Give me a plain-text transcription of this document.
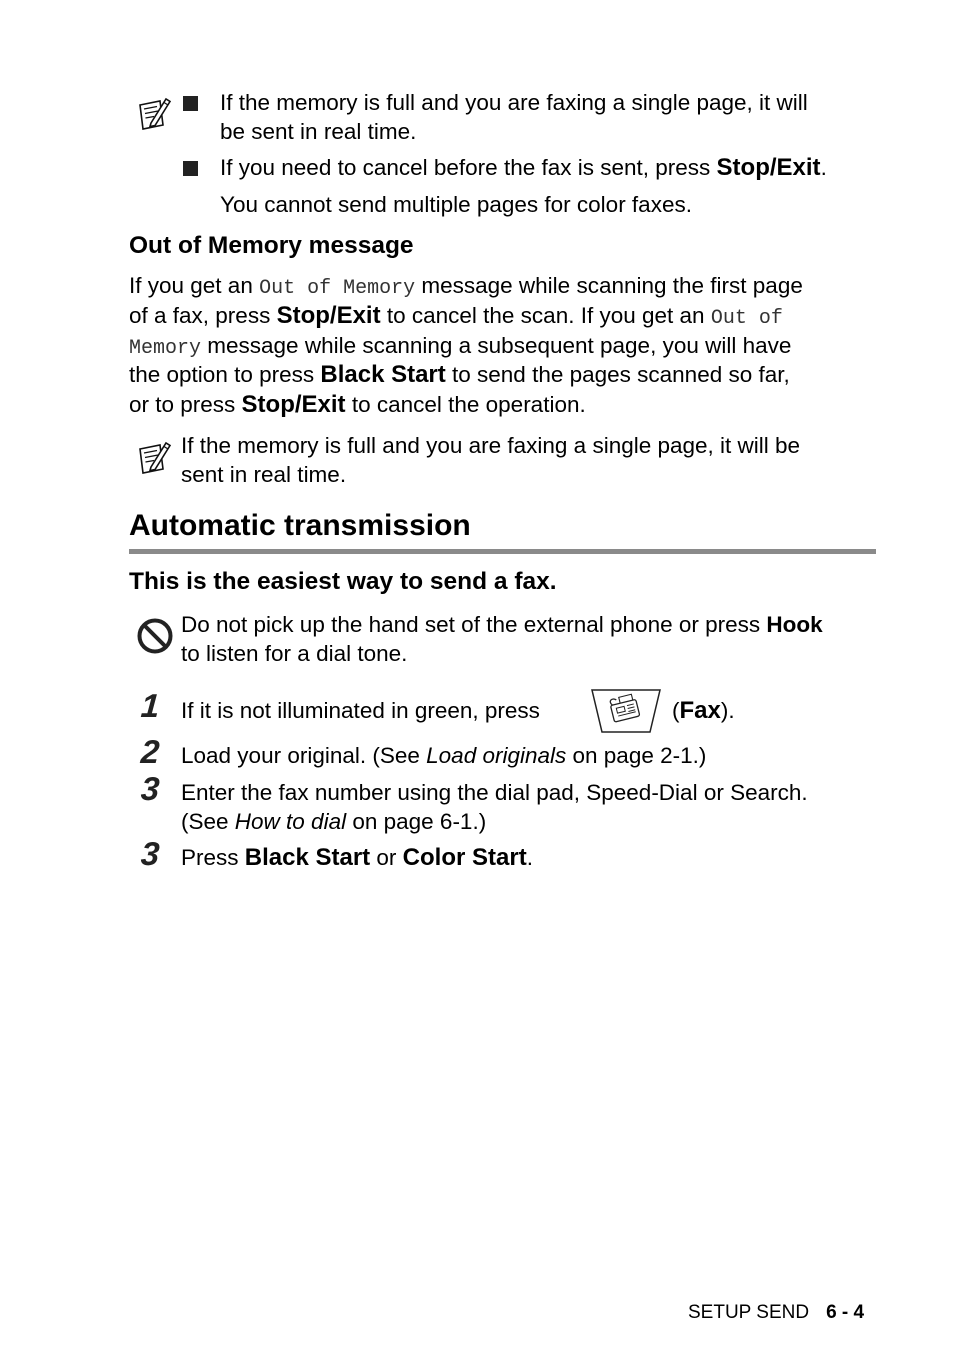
If the memory is full and you are faxing a single page, it will
be sent in real time.
If you need to cancel before the fax is sent, press Stop/Exit.
You cannot send multiple pages for color faxes.
Out of Memory message
If you get an Out of Memory message while scanning the first page
of a fax, press Stop/Exit to cancel the scan. If you get an Out of
Memory message while scanning a subsequent page, you will have
the option to press Black Start to send the pages scanned so far,
or to press Stop/Exit to cancel the operation.
If the memory is full and you are faxing a single page, it will be
sent in real time.
Automatic transmission
This is the easiest way to send a fax.
Do not pick up the hand set of the external phone or press Hook
to listen for a dial tone.
1 If it is not illuminated in green, press	(Fax).
2 Load your original. (See Load originals on page 2-1.)
3 Enter the fax number using the dial pad, Speed-Dial or Search.
(See How to dial on page 6-1.)
3 Press Black Start or Color Start.
SETUP SEND 6 - 4
